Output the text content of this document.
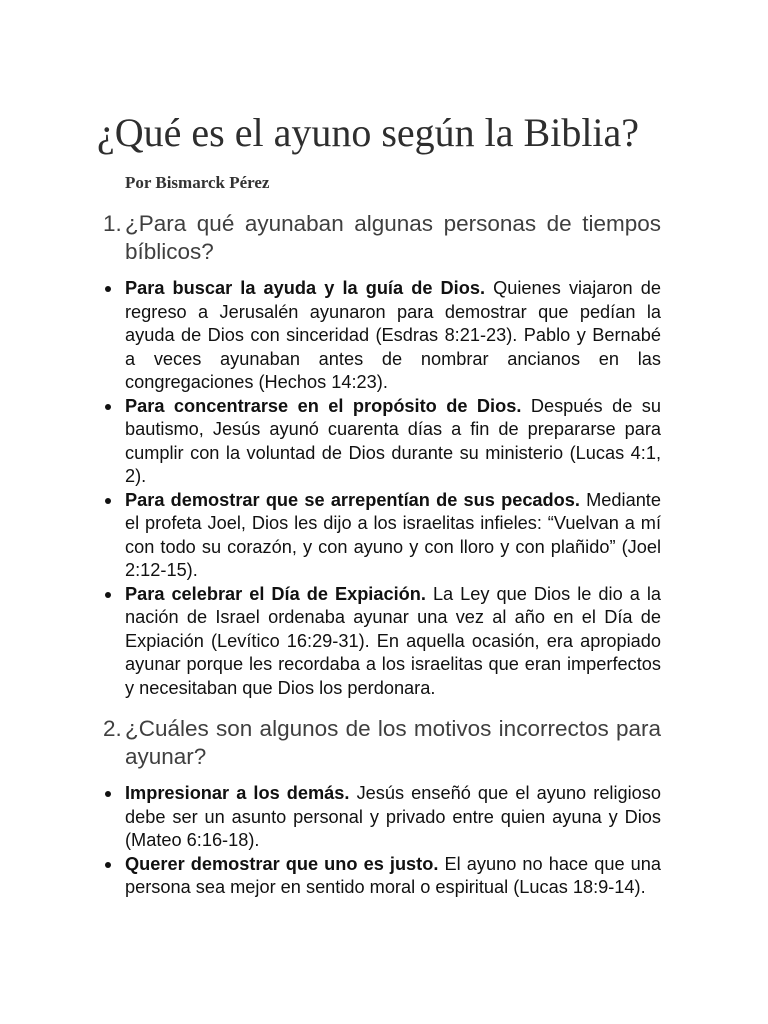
¿Qué es el ayuno según la Biblia?

Por Bismarck Pérez

1. ¿Para qué ayunaban algunas personas de tiempos bíblicos?
Para buscar la ayuda y la guía de Dios. Quienes viajaron de regreso a Jerusalén ayunaron para demostrar que pedían la ayuda de Dios con sinceridad (Esdras 8:21-23). Pablo y Bernabé a veces ayunaban antes de nombrar ancianos en las congregaciones (Hechos 14:23).
Para concentrarse en el propósito de Dios. Después de su bautismo, Jesús ayunó cuarenta días a fin de prepararse para cumplir con la voluntad de Dios durante su ministerio (Lucas 4:1, 2).
Para demostrar que se arrepentían de sus pecados. Mediante el profeta Joel, Dios les dijo a los israelitas infieles: “Vuelvan a mí con todo su corazón, y con ayuno y con lloro y con plañido” (Joel 2:12-15).
Para celebrar el Día de Expiación. La Ley que Dios le dio a la nación de Israel ordenaba ayunar una vez al año en el Día de Expiación (Levítico 16:29-31). En aquella ocasión, era apropiado ayunar porque les recordaba a los israelitas que eran imperfectos y necesitaban que Dios los perdonara.
2. ¿Cuáles son algunos de los motivos incorrectos para ayunar?
Impresionar a los demás. Jesús enseñó que el ayuno religioso debe ser un asunto personal y privado entre quien ayuna y Dios (Mateo 6:16-18).
Querer demostrar que uno es justo. El ayuno no hace que una persona sea mejor en sentido moral o espiritual (Lucas 18:9-14).
